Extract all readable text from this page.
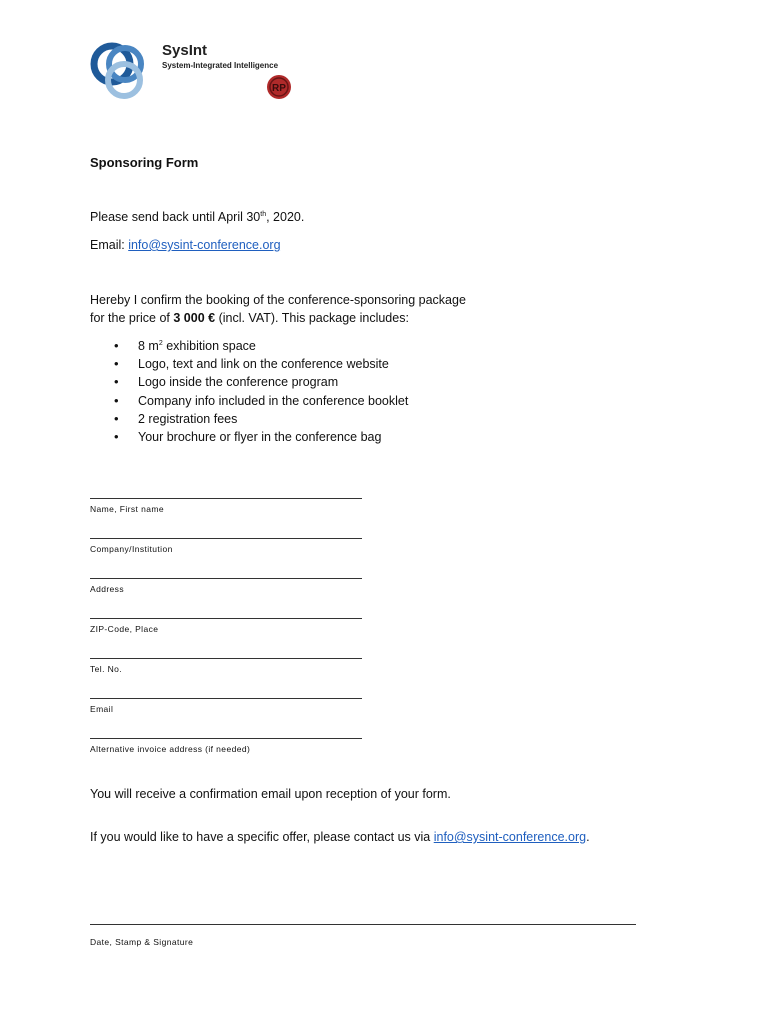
SysInt
System-Integrated Intelligence
RP
Sponsoring Form
Please send back until April 30th, 2020.
Email: info@sysint-conference.org
Hereby I confirm the booking of the conference-sponsoring package
for the price of 3 000 € (incl. VAT). This package includes:
• 8 $m^2$ exhibition space
• Logo, text and link on the conference website
• Logo inside the conference program
• Company info included in the conference booklet
• 2 registration fees
• Your brochure or flyer in the conference bag
Name, First name
Company/Institution
Address
ZIP-Code, Place
Tel. No.
Email
Alternative invoice address (if needed)
You will receive a confirmation email upon reception of your form.
If you would like to have a specific offer, please contact us via info@sysint-conference.org.
Date, Stamp & Signature
